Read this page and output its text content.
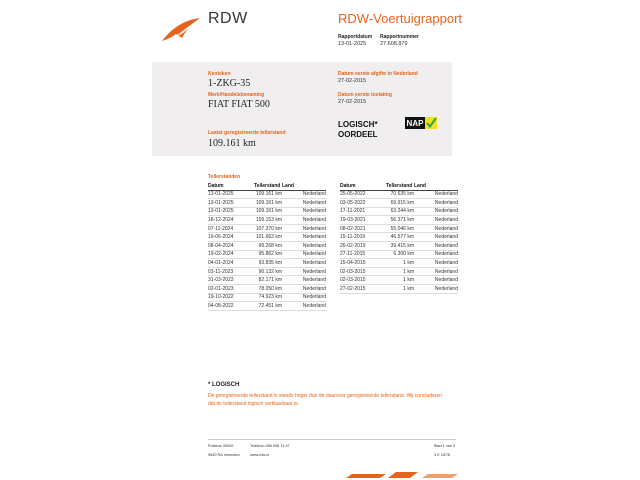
RDW	RDW-Voertuigrapport
Rapportdatum
13-01-2025
Rapportnummer
27.608.879
Kenteken
1-ZKG-35
Merk/Handelsbenaming
FIAT FIAT 500
Laatst geregistreerde tellerstand
109.161 km
Datum eerste afgifte in Nederland
27-02-2015
Datum eerste toelating
27-02-2015
LOGISCH*
OORDEEL
NAP
Tellerstanden
Datum	Tellerstand	Land
13-01-2025	109.161 km	Nederland
13-01-2025	109.161 km	Nederland
13-01-2025	109.161 km	Nederland
18-12-2024	109.153 km	Nederland
07-11-2024	107.370 km	Nederland
19-06-2024	101.663 km	Nederland
08-04-2024	99.268 km	Nederland
19-02-2024	95.862 km	Nederland
04-01-2024	93.835 km	Nederland
03-11-2023	90.132 km	Nederland
31-03-2023	82.171 km	Nederland
02-01-2023	78.050 km	Nederland
19-10-2022	74.923 km	Nederland
04-08-2022	72.451 km	Nederland
Datum	Tellerstand	Land
25-05-2022	70.635 km	Nederland
03-05-2022	69.915 km	Nederland
17-11-2021	63.244 km	Nederland
19-03-2021	56.371 km	Nederland
08-02-2021	55.046 km	Nederland
15-11-2019	46.577 km	Nederland
26-02-2019	39.415 km	Nederland
27-11-2015	6.300 km	Nederland
15-04-2015	1 km	Nederland
02-03-2015	1 km	Nederland
02-03-2015	1 km	Nederland
27-02-2015	1 km	Nederland
* LOGISCH
De geregistreerde tellerstand is steeds hoger dan de daarvoor geregistreerde tellerstand. Wij concluderen
dat de tellerstand logisch verklaarbaar is.
Postbus 30000
9640 RA Veendam
Telefoon 088 008 74 47
www.rdw.nl
Blad 1 van 3
3 E 1873I
